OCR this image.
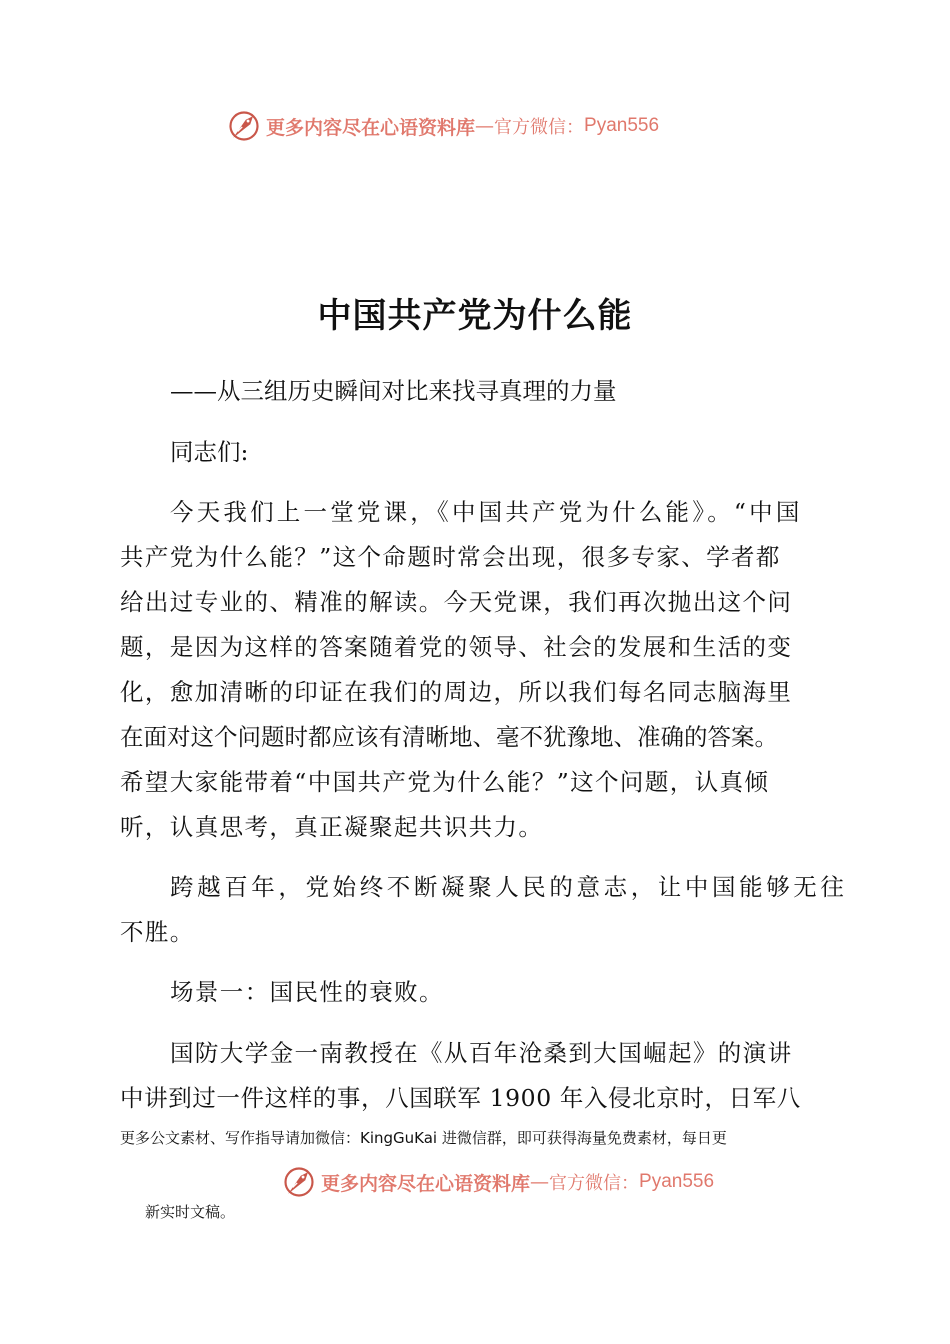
更多内容尽在心语资料库 — 官方微信： Pyan556
中国共产党为什么能
——从三组历史瞬间对比来找寻真理的力量
同志们:
今天我们上一堂党课，《中国共产党为什么能》。“中国
共产党为什么能？”这个命题时常会出现，很多专家、学者都
给出过专业的、精准的解读。今天党课，我们再次抛出这个问
题，是因为这样的答案随着党的领导、社会的发展和生活的变
化，愈加清晰的印证在我们的周边，所以我们每名同志脑海里
在面对这个问题时都应该有清晰地、毫不犹豫地、准确的答案。
希望大家能带着“中国共产党为什么能？”这个问题，认真倾
听，认真思考，真正凝聚起共识共力。
跨越百年，党始终不断凝聚人民的意志，让中国能够无往
不胜。
场景一：国民性的衰败。
国防大学金一南教授在《从百年沧桑到大国崛起》的演讲
中讲到过一件这样的事，八国联军 1900 年入侵北京时，日军八
更多公文素材、写作指导请加微信：KingGuKai 进微信群，即可获得海量免费素材，每日更
更多内容尽在心语资料库 — 官方微信： Pyan556
新实时文稿。
